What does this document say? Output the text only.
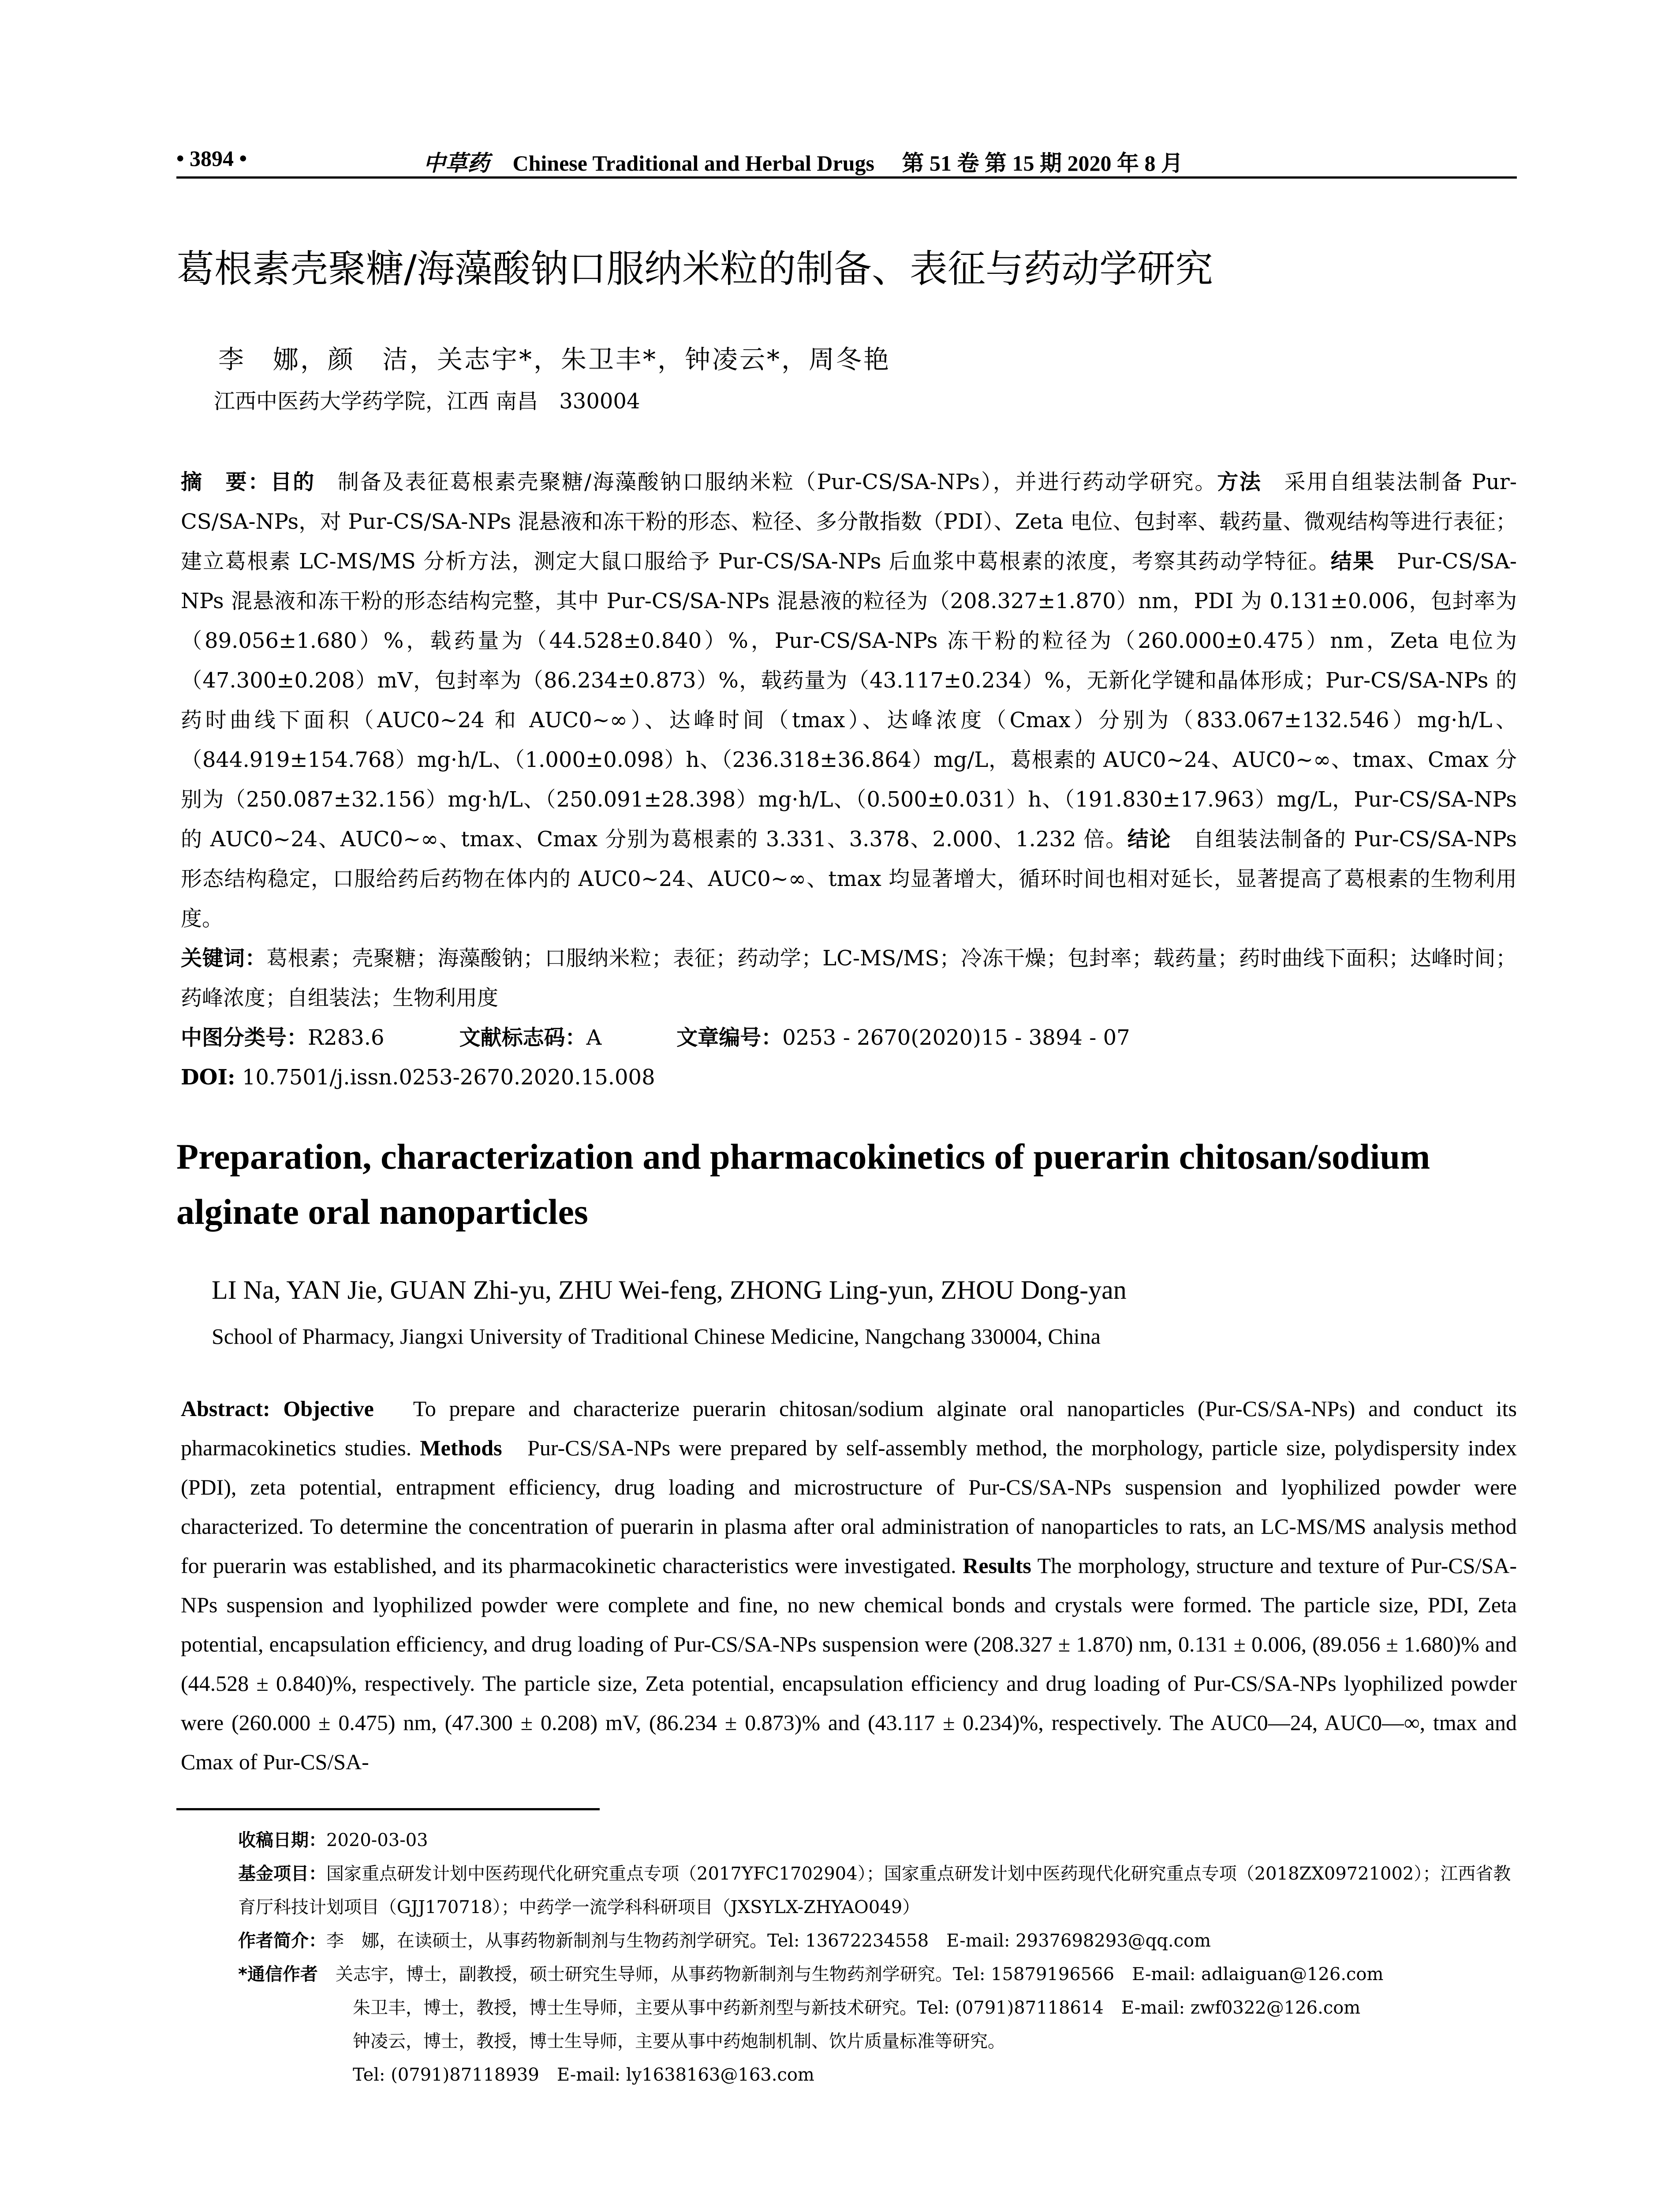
• 3894 •	中草药 Chinese Traditional and Herbal Drugs 第 51 卷 第 15 期 2020 年 8 月
葛根素壳聚糖/海藻酸钠口服纳米粒的制备、表征与药动学研究
李　娜，颜　洁，关志宇*，朱卫丰*，钟凌云*，周冬艳
江西中医药大学药学院，江西 南昌　330004

摘　要：目的　 制备及表征葛根素壳聚糖/海藻酸钠口服纳米粒（Pur-CS/SA-NPs），并进行药动学研究。方法　 采用自组装法制备 Pur-CS/SA-NPs，对 Pur-CS/SA-NPs 混悬液和冻干粉的形态、粒径、多分散指数（PDI）、Zeta 电位、包封率、载药量、微观结构等进行表征；建立葛根素 LC-MS/MS 分析方法，测定大鼠口服给予 Pur-CS/SA-NPs 后血浆中葛根素的浓度，考察其药动学特征。结果　 Pur-CS/SA-NPs 混悬液和冻干粉的形态结构完整，其中 Pur-CS/SA-NPs 混悬液的粒径为（208.327±1.870）nm，PDI 为 0.131±0.006，包封率为（89.056±1.680）%，载药量为（44.528±0.840）%，Pur-CS/SA-NPs 冻干粉的粒径为（260.000±0.475）nm，Zeta 电位为（47.300±0.208）mV，包封率为（86.234±0.873）%，载药量为（43.117±0.234）%，无新化学键和晶体形成；Pur-CS/SA-NPs 的药时曲线下面积（AUC0~24 和 AUC0~∞）、达峰时间（tmax）、达峰浓度（Cmax）分别为（833.067±132.546）mg·h/L、（844.919±154.768）mg·h/L、（1.000±0.098）h、（236.318±36.864）mg/L，葛根素的 AUC0~24、AUC0~∞、tmax、Cmax 分别为（250.087±32.156）mg·h/L、（250.091±28.398）mg·h/L、（0.500±0.031）h、（191.830±17.963）mg/L，Pur-CS/SA-NPs 的 AUC0~24、AUC0~∞、tmax、Cmax 分别为葛根素的 3.331、3.378、2.000、1.232 倍。结论　 自组装法制备的 Pur-CS/SA-NPs 形态结构稳定，口服给药后药物在体内的 AUC0~24、AUC0~∞、tmax 均显著增大，循环时间也相对延长，显著提高了葛根素的生物利用度。

关键词：葛根素；壳聚糖；海藻酸钠；口服纳米粒；表征；药动学；LC-MS/MS；冷冻干燥；包封率；载药量；药时曲线下面积；达峰时间；药峰浓度；自组装法；生物利用度

中图分类号：R283.6	文献标志码：A	文章编号：0253 - 2670(2020)15 - 3894 - 07

DOI: 10.7501/j.issn.0253-2670.2020.15.008

Preparation, characterization and pharmacokinetics of puerarin chitosan/sodium alginate oral nanoparticles
LI Na, YAN Jie, GUAN Zhi-yu, ZHU Wei-feng, ZHONG Ling-yun, ZHOU Dong-yan
School of Pharmacy, Jiangxi University of Traditional Chinese Medicine, Nangchang 330004, China
Abstract: Objective To prepare and characterize puerarin chitosan/sodium alginate oral nanoparticles (Pur-CS/SA-NPs) and conduct its pharmacokinetics studies. Methods Pur-CS/SA-NPs were prepared by self-assembly method, the morphology, particle size, polydispersity index (PDI), zeta potential, entrapment efficiency, drug loading and microstructure of Pur-CS/SA-NPs suspension and lyophilized powder were characterized. To determine the concentration of puerarin in plasma after oral administration of nanoparticles to rats, an LC-MS/MS analysis method for puerarin was established, and its pharmacokinetic characteristics were investigated. Results The morphology, structure and texture of Pur-CS/SA-NPs suspension and lyophilized powder were complete and fine, no new chemical bonds and crystals were formed. The particle size, PDI, Zeta potential, encapsulation efficiency, and drug loading of Pur-CS/SA-NPs suspension were (208.327 ± 1.870) nm, 0.131 ± 0.006, (89.056 ± 1.680)% and (44.528 ± 0.840)%, respectively. The particle size, Zeta potential, encapsulation efficiency and drug loading of Pur-CS/SA-NPs lyophilized powder were (260.000 ± 0.475) nm, (47.300 ± 0.208) mV, (86.234 ± 0.873)% and (43.117 ± 0.234)%, respectively. The AUC0—24, AUC0—∞, tmax and Cmax of Pur-CS/SA-
收稿日期：2020-03-03
基金项目：国家重点研发计划中医药现代化研究重点专项（2017YFC1702904）；国家重点研发计划中医药现代化研究重点专项（2018ZX09721002）；江西省教育厅科技计划项目（GJJ170718）；中药学一流学科科研项目（JXSYLX-ZHYAO049）
作者简介：李　娜，在读硕士，从事药物新制剂与生物药剂学研究。Tel: 13672234558　E-mail: 2937698293@qq.com
*通信作者　 关志宇，博士，副教授，硕士研究生导师，从事药物新制剂与生物药剂学研究。Tel: 15879196566　E-mail: adlaiguan@126.com
朱卫丰，博士，教授，博士生导师，主要从事中药新剂型与新技术研究。Tel: (0791)87118614　E-mail: zwf0322@126.com
钟凌云，博士，教授，博士生导师，主要从事中药炮制机制、饮片质量标准等研究。
Tel: (0791)87118939　E-mail: ly1638163@163.com
